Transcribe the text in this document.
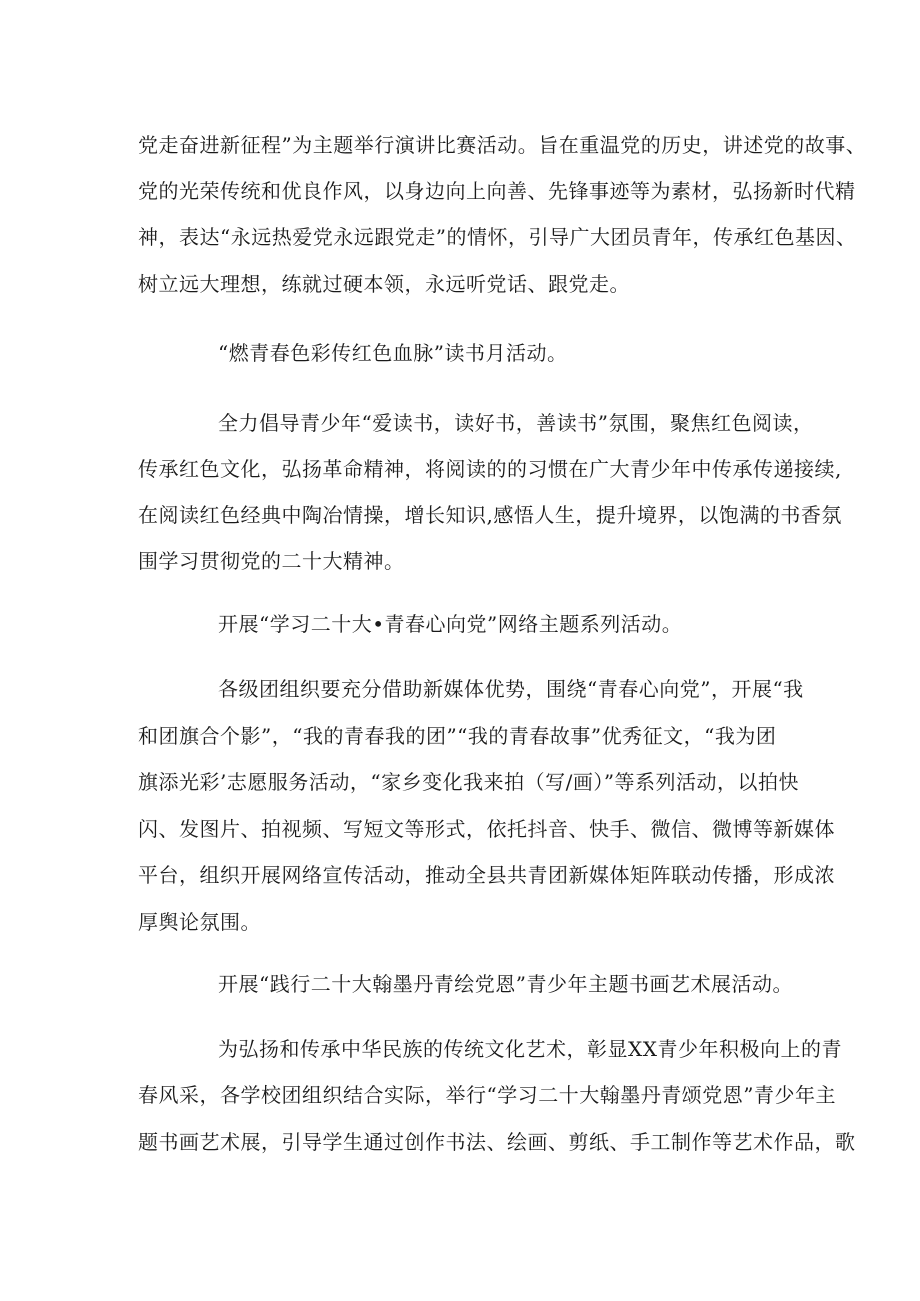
党走奋进新征程”为主题举行演讲比赛活动。旨在重温党的历史，讲述党的故事、
党的光荣传统和优良作风，以身边向上向善、先锋事迹等为素材，弘扬新时代精
神，表达“永远热爱党永远跟党走”的情怀，引导广大团员青年，传承红色基因、
树立远大理想，练就过硬本领，永远听党话、跟党走。
“燃青春色彩传红色血脉”读书月活动。
全力倡导青少年“爱读书，读好书，善读书”氛围，聚焦红色阅读，
传承红色文化，弘扬革命精神，将阅读的的习惯在广大青少年中传承传递接续,
在阅读红色经典中陶冶情操，增长知识,感悟人生，提升境界，以饱满的书香氛
围学习贯彻党的二十大精神。
开展“学习二十大•青春心向党”网络主题系列活动。
各级团组织要充分借助新媒体优势，围绕“青春心向党”，开展“我
和团旗合个影”，“我的青春我的团”“我的青春故事”优秀征文，“我为团
旗添光彩’志愿服务活动，“家乡变化我来拍（写/画）”等系列活动，以拍快
闪、发图片、拍视频、写短文等形式，依托抖音、快手、微信、微博等新媒体
平台，组织开展网络宣传活动，推动全县共青团新媒体矩阵联动传播，形成浓
厚舆论氛围。
开展“践行二十大翰墨丹青绘党恩”青少年主题书画艺术展活动。
为弘扬和传承中华民族的传统文化艺术，彰显XX青少年积极向上的青
春风采，各学校团组织结合实际，举行“学习二十大翰墨丹青颂党恩”青少年主
题书画艺术展，引导学生通过创作书法、绘画、剪纸、手工制作等艺术作品，歌
